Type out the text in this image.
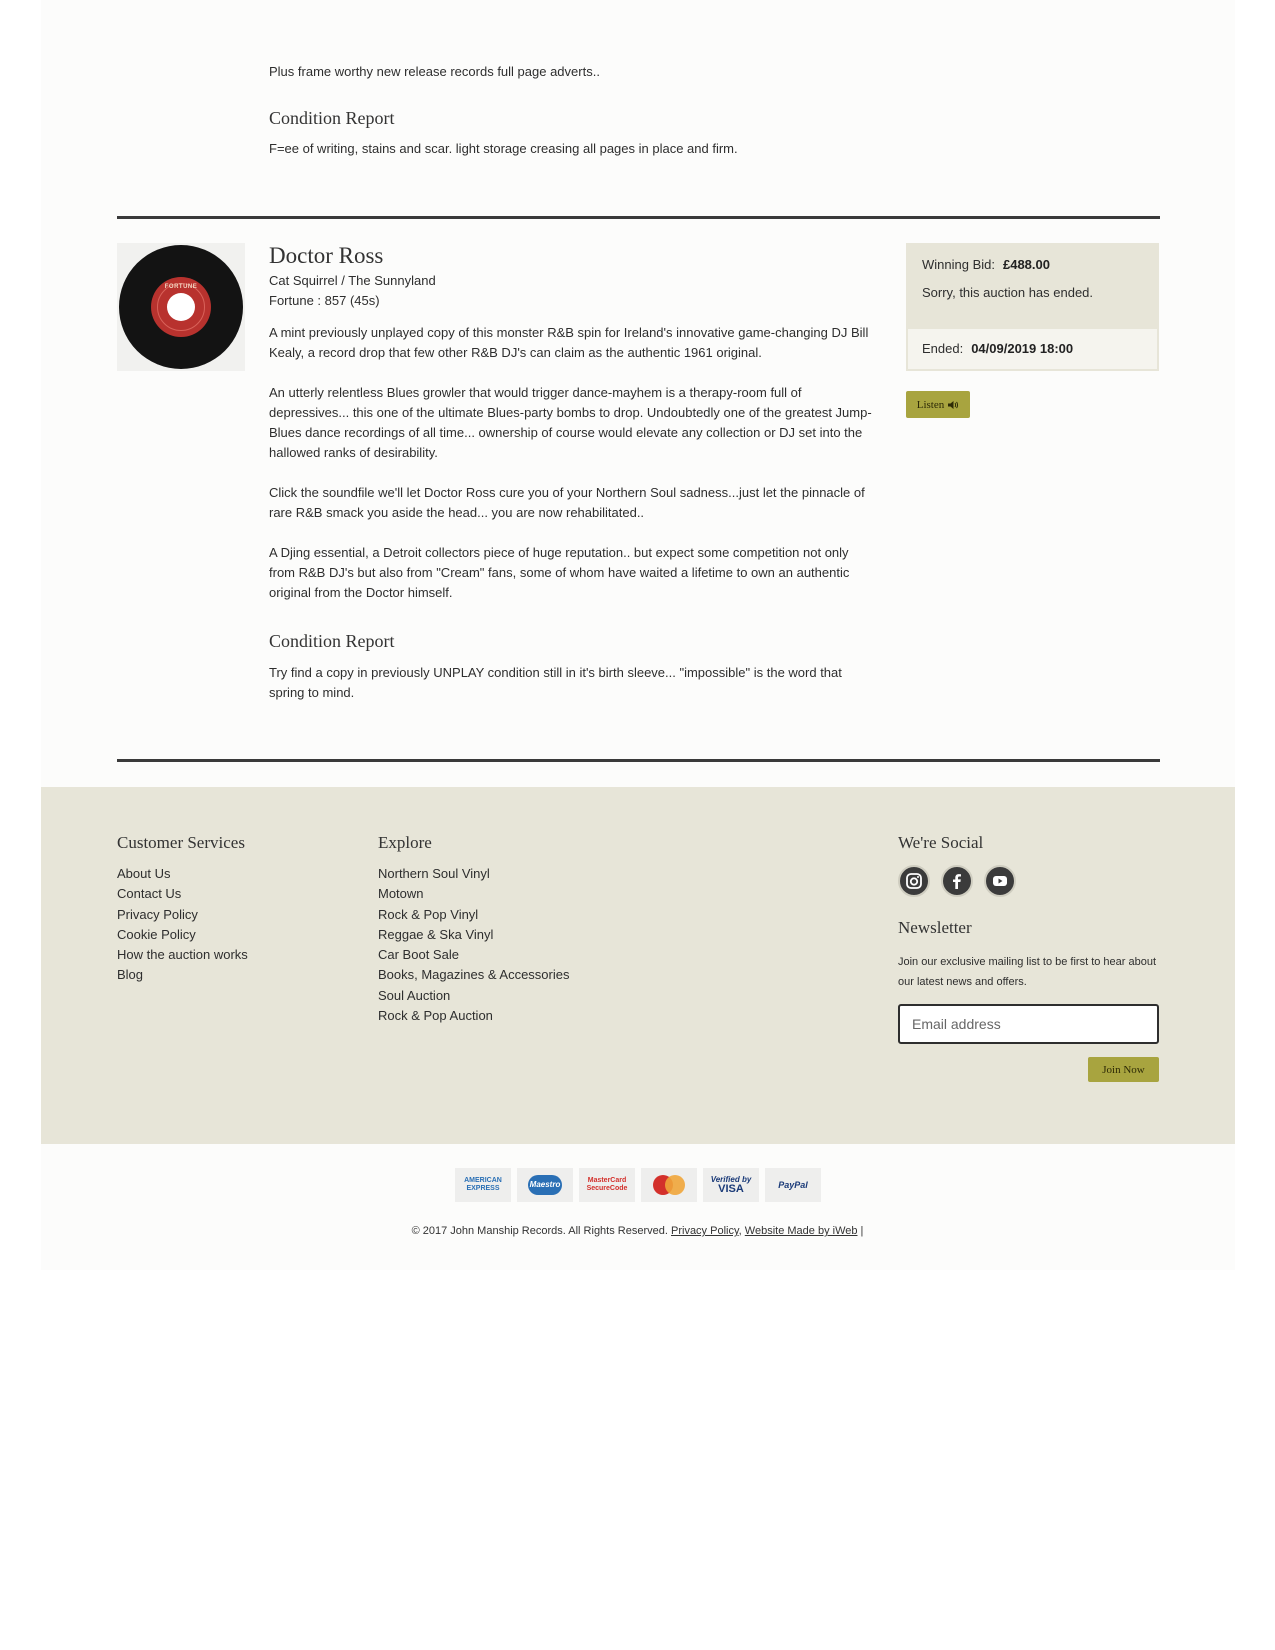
Plus frame worthy new release records full page adverts..

Condition Report

F=ee of writing, stains and scar. light storage creasing all pages in place and firm.

FORTUNE
Doctor Ross

Cat Squirrel / The Sunnyland

Fortune : 857 (45s)

A mint previously unplayed copy of this monster R&B spin for Ireland's innovative game-changing DJ Bill Kealy, a record drop that few other R&B DJ's can claim as the authentic 1961 original.

An utterly relentless Blues growler that would trigger dance-mayhem is a therapy-room full of depressives... this one of the ultimate Blues-party bombs to drop. Undoubtedly one of the greatest Jump-Blues dance recordings of all time... ownership of course would elevate any collection or DJ set into the hallowed ranks of desirability.

Click the soundfile we'll let Doctor Ross cure you of your Northern Soul sadness...just let the pinnacle of rare R&B smack you aside the head... you are now rehabilitated..

A Djing essential, a Detroit collectors piece of huge reputation.. but expect some competition not only from R&B DJ's but also from "Cream" fans, some of whom have waited a lifetime to own an authentic original from the Doctor himself.

Condition Report

Try find a copy in previously UNPLAY condition still in it's birth sleeve... "impossible" is the word that spring to mind.

Winning Bid: £488.00
Sorry, this auction has ended.
Ended: 04/09/2019 18:00
Listen
Customer Services
About Us
Contact Us
Privacy Policy
Cookie Policy
How the auction works
Blog
Explore
Northern Soul Vinyl
Motown
Rock & Pop Vinyl
Reggae & Ska Vinyl
Car Boot Sale
Books, Magazines & Accessories
Soul Auction
Rock & Pop Auction
We're Social
Newsletter

Join our exclusive mailing list to be first to hear about our latest news and offers.

Email address
Join Now
AMERICAN EXPRESS	Maestro	MasterCard SecureCode
Verified by
VISA	PayPal
© 2017 John Manship Records. All Rights Reserved. Privacy Policy, Website Made by iWeb |
